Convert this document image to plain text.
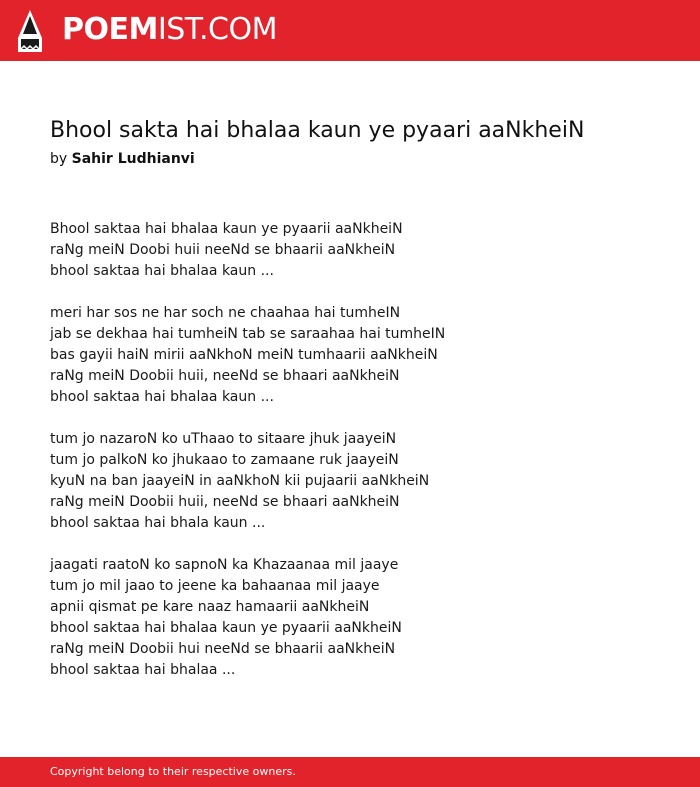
POEMIST.COM
Bhool sakta hai bhalaa kaun ye pyaari aaNkheiN
by Sahir Ludhianvi

Bhool saktaa hai bhalaa kaun ye pyaarii aaNkheiN
raNg meiN Doobi huii neeNd se bhaarii aaNkheiN
bhool saktaa hai bhalaa kaun ...

meri har sos ne har soch ne chaahaa hai tumheIN
jab se dekhaa hai tumheiN tab se saraahaa hai tumheIN
bas gayii haiN mirii aaNkhoN meiN tumhaarii aaNkheiN
raNg meiN Doobii huii, neeNd se bhaari aaNkheiN
bhool saktaa hai bhalaa kaun ...

tum jo nazaroN ko uThaao to sitaare jhuk jaayeiN
tum jo palkoN ko jhukaao to zamaane ruk jaayeiN
kyuN na ban jaayeiN in aaNkhoN kii pujaarii aaNkheiN
raNg meiN Doobii huii, neeNd se bhaari aaNkheiN
bhool saktaa hai bhala kaun ...

jaagati raatoN ko sapnoN ka Khazaanaa mil jaaye
tum jo mil jaao to jeene ka bahaanaa mil jaaye
apnii qismat pe kare naaz hamaarii aaNkheiN
bhool saktaa hai bhalaa kaun ye pyaarii aaNkheiN
raNg meiN Doobii hui neeNd se bhaarii aaNkheiN
bhool saktaa hai bhalaa ...

Copyright belong to their respective owners.
